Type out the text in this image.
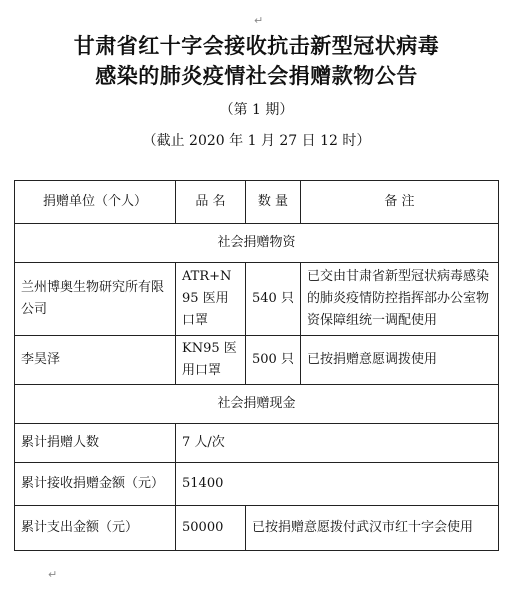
↵
甘肃省红十字会接收抗击新型冠状病毒
感染的肺炎疫情社会捐赠款物公告
（第 1 期）
（截止 2020 年 1 月 27 日 12 时）
捐赠单位（个人）	品 名	数 量	备 注
社会捐赠物资			
兰州博奥生物研究所有限公司	ATR+N95 医用口罩	540 只	已交由甘肃省新型冠状病毒感染的肺炎疫情防控指挥部办公室物资保障组统一调配使用
李昊泽	KN95 医用口罩	500 只	已按捐赠意愿调拨使用
社会捐赠现金			
累计捐赠人数	7 人/次		
累计接收捐赠金额（元）	51400		
累计支出金额（元）	50000	已按捐赠意愿拨付武汉市红十字会使用	
↵
